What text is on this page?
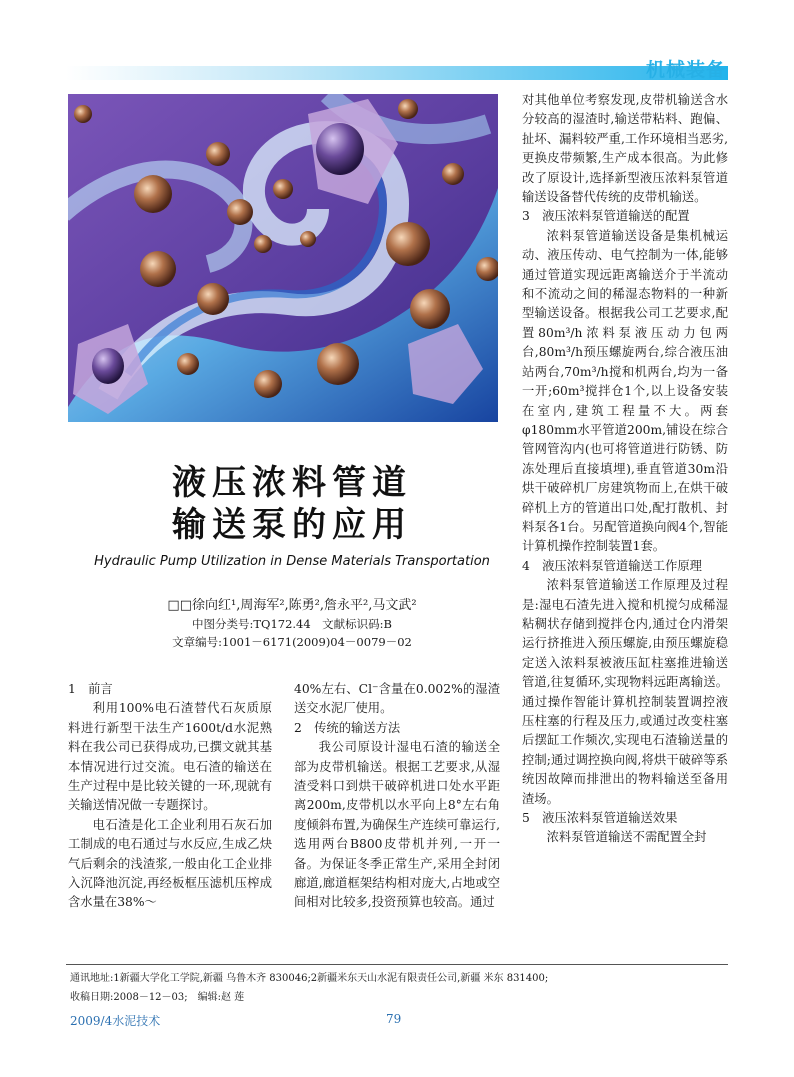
机械装备
液压浓料管道
输送泵的应用
Hydraulic Pump Utilization in Dense Materials Transportation
□□徐向红¹,周海军²,陈勇²,詹永平²,马文武²
中图分类号:TQ172.44　文献标识码:B
文章编号:1001－6171(2009)04－0079－02

1　前言

利用100%电石渣替代石灰质原料进行新型干法生产1600t/d水泥熟料在我公司已获得成功,已撰文就其基本情况进行过交流。电石渣的输送在生产过程中是比较关键的一环,现就有关输送情况做一专题探讨。

电石渣是化工企业利用石灰石加工制成的电石通过与水反应,生成乙炔气后剩余的浅渣浆,一般由化工企业排入沉降池沉淀,再经板框压滤机压榨成含水量在38%～

40%左右、Cl⁻含量在0.002%的湿渣送交水泥厂使用。

2　传统的输送方法

我公司原设计湿电石渣的输送全部为皮带机输送。根据工艺要求,从湿渣受料口到烘干破碎机进口处水平距离200m,皮带机以水平向上8°左右角度倾斜布置,为确保生产连续可靠运行,选用两台B800皮带机并列,一开一备。为保证冬季正常生产,采用全封闭廊道,廊道框架结构相对庞大,占地或空间相对比较多,投资预算也较高。通过

对其他单位考察发现,皮带机输送含水分较高的湿渣时,输送带粘料、跑偏、扯坏、漏料较严重,工作环境相当恶劣,更换皮带频繁,生产成本很高。为此修改了原设计,选择新型液压浓料泵管道输送设备替代传统的皮带机输送。

3　液压浓料泵管道输送的配置

浓料泵管道输送设备是集机械运动、液压传动、电气控制为一体,能够通过管道实现远距离输送介于半流动和不流动之间的稀湿态物料的一种新型输送设备。根据我公司工艺要求,配置80m³/h浓料泵液压动力包两台,80m³/h预压螺旋两台,综合液压油站两台,70m³/h搅和机两台,均为一备一开;60m³搅拌仓1个,以上设备安装在室内,建筑工程量不大。两套φ180mm水平管道200m,铺设在综合管网管沟内(也可将管道进行防锈、防冻处理后直接填埋),垂直管道30m沿烘干破碎机厂房建筑物而上,在烘干破碎机上方的管道出口处,配打散机、封料泵各1台。另配管道换向阀4个,智能计算机操作控制装置1套。

4　液压浓料泵管道输送工作原理

浓料泵管道输送工作原理及过程是:湿电石渣先进入搅和机搅匀成稀湿粘稠状存储到搅拌仓内,通过仓内滑架运行挤推进入预压螺旋,由预压螺旋稳定送入浓料泵被液压缸柱塞推进输送管道,往复循环,实现物料远距离输送。通过操作智能计算机控制装置调控液压柱塞的行程及压力,或通过改变柱塞后摆缸工作频次,实现电石渣输送量的控制;通过调控换向阀,将烘干破碎等系统因故障而排泄出的物料输送至备用渣场。

5　液压浓料泵管道输送效果

浓料泵管道输送不需配置全封

通讯地址:1新疆大学化工学院,新疆 乌鲁木齐 830046;2新疆米东天山水泥有限责任公司,新疆 米东 831400;
收稿日期:2008－12－03;　编辑:赵 莲
2009/4水泥技术	79
